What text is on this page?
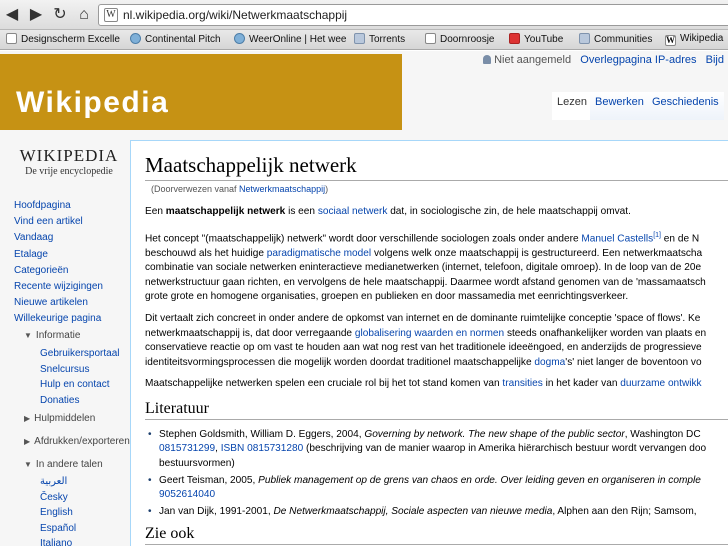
◀ ▶ ↻ ⌂	W nl.wikipedia.org/wiki/Netwerkmaatschappij
Designscherm Excelle	Continental Pitch	WeerOnline | Het wee	Torrents	Doornroosje	YouTube	Communities W Wikipedia
Wikipedia
Niet aangemeld Overlegpagina IP-adres Bijd
Lezen Bewerken Geschiedenis
WIKIPEDIA
De vrije encyclopedie
Hoofdpagina
Vind een artikel
Vandaag
Etalage
Categorieën
Recente wijzigingen
Nieuwe artikelen
Willekeurige pagina
▼ Informatie
Gebruikersportaal
Snelcursus
Hulp en contact
Donaties
▶ Hulpmiddelen
▶ Afdrukken/exporteren
▼ In andere talen
العربية
Česky
English
Español
Italiano
Maatschappelijk netwerk
(Doorverwezen vanaf Netwerkmaatschappij)

Een maatschappelijk netwerk is een sociaal netwerk dat, in sociologische zin, de hele maatschappij omvat.

Het concept "(maatschappelijk) netwerk" wordt door verschillende sociologen zoals onder andere Manuel Castells[1] en de N
beschouwd als het huidige paradigmatische model volgens welk onze maatschappij is gestructureerd. Een netwerkmaatscha
combinatie van sociale netwerken eninteractieve medianetwerken (internet, telefoon, digitale omroep). In de loop van de 20e
netwerkstructuur gaan richten, en vervolgens de hele maatschappij. Daarmee wordt afstand genomen van de 'massamaatsch
grote grote en homogene organisaties, groepen en publieken en door massamedia met eenrichtingsverkeer.

Dit vertaalt zich concreet in onder andere de opkomst van internet en de dominante ruimtelijke conceptie 'space of flows'. Ke
netwerkmaatschappij is, dat door verregaande globalisering waarden en normen steeds onafhankelijker worden van plaats en
conservatieve reactie op om vast te houden aan wat nog rest van het traditionele ideeëngoed, en anderzijds de progressieve
identiteitsvormingsprocessen die mogelijk worden doordat traditionel maatschappelijke dogma's' niet langer de boventoon vo

Maatschappelijke netwerken spelen een cruciale rol bij het tot stand komen van transities in het kader van duurzame ontwikk

Literatuur
• Stephen Goldsmith, William D. Eggers, 2004, Governing by network. The new shape of the public sector, Washington DC
0815731299, ISBN 0815731280 (beschrijving van de manier waarop in Amerika hiërarchisch bestuur wordt vervangen doo
bestuursvormen)
• Geert Teisman, 2005, Publiek management op de grens van chaos en orde. Over leiding geven en organiseren in comple
9052614040
• Jan van Dijk, 1991-2001, De Netwerkmaatschappij, Sociale aspecten van nieuwe media, Alphen aan den Rijn; Samsom,
Zie ook
